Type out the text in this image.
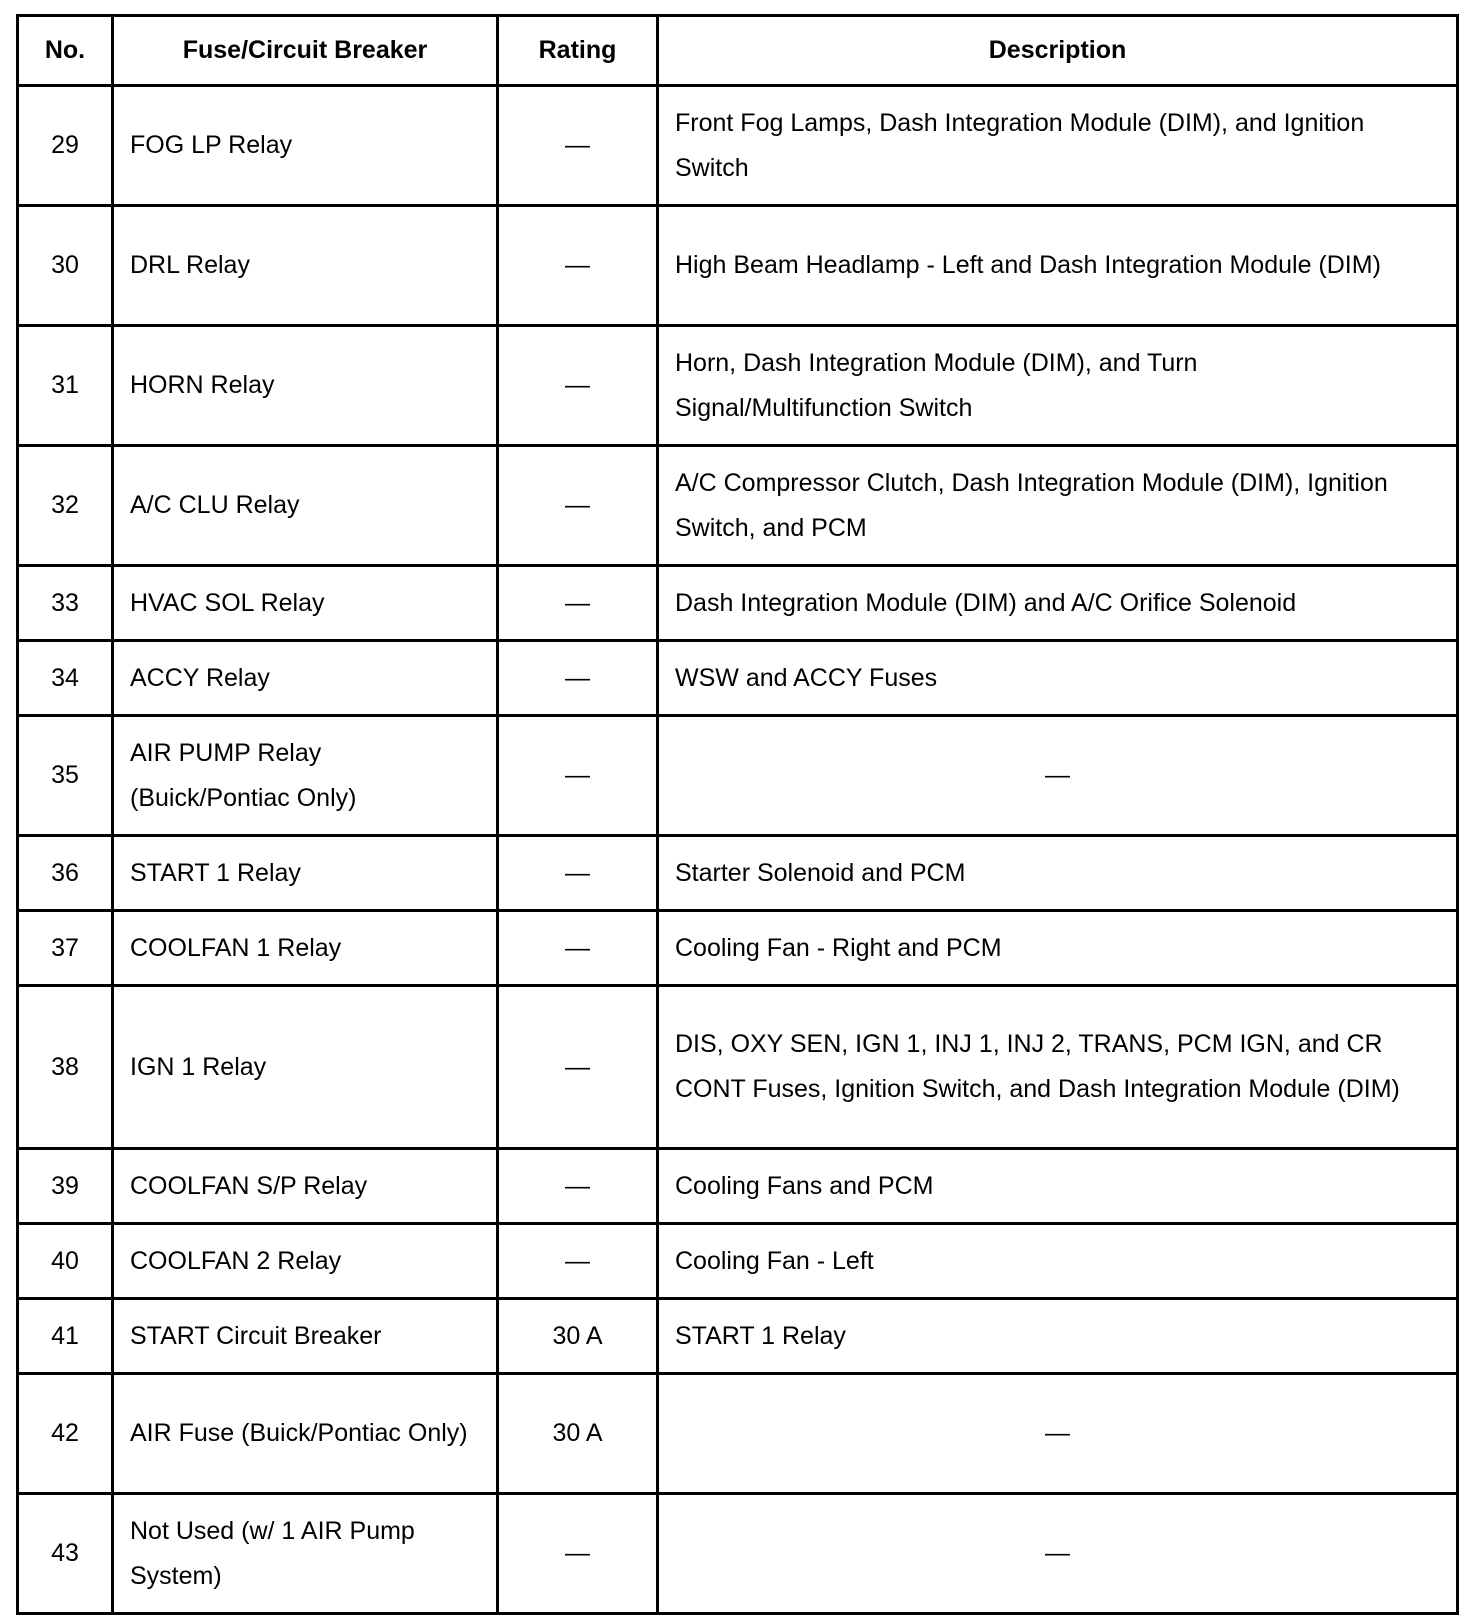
No.	Fuse/Circuit Breaker	Rating	Description
29	FOG LP Relay	—	Front Fog Lamps, Dash Integration Module (DIM), and Ignition Switch
30	DRL Relay	—	High Beam Headlamp - Left and Dash Integration Module (DIM)
31	HORN Relay	—	Horn, Dash Integration Module (DIM), and Turn Signal/Multifunction Switch
32	A/C CLU Relay	—	A/C Compressor Clutch, Dash Integration Module (DIM), Ignition Switch, and PCM
33	HVAC SOL Relay	—	Dash Integration Module (DIM) and A/C Orifice Solenoid
34	ACCY Relay	—	WSW and ACCY Fuses
35	AIR PUMP Relay (Buick/Pontiac Only)	—	—
36	START 1 Relay	—	Starter Solenoid and PCM
37	COOLFAN 1 Relay	—	Cooling Fan - Right and PCM
38	IGN 1 Relay	—	DIS, OXY SEN, IGN 1, INJ 1, INJ 2, TRANS, PCM IGN, and CR CONT Fuses, Ignition Switch, and Dash Integration Module (DIM)
39	COOLFAN S/P Relay	—	Cooling Fans and PCM
40	COOLFAN 2 Relay	—	Cooling Fan - Left
41	START Circuit Breaker	30 A	START 1 Relay
42	AIR Fuse (Buick/Pontiac Only)	30 A	—
43	Not Used (w/ 1 AIR Pump System)	—	—
